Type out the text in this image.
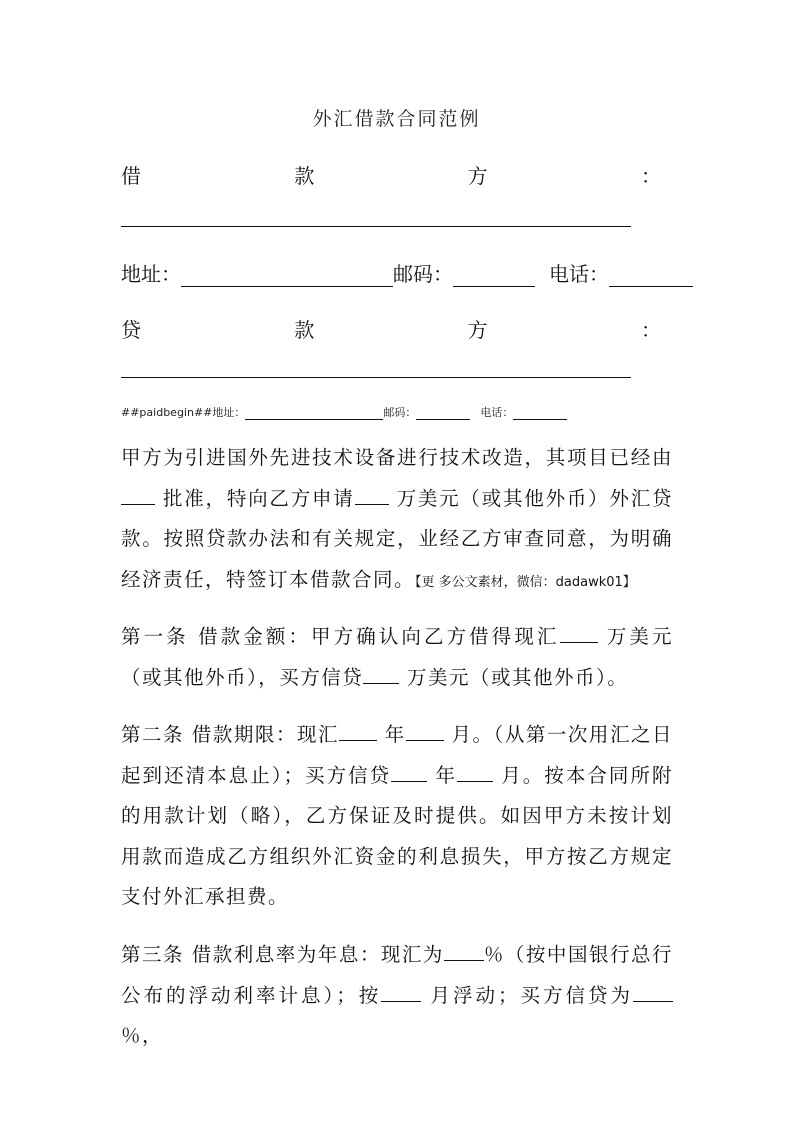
外汇借款合同范例
借	款	方	：
地址：	邮码：	电话：
贷	款	方	：
##paidbegin##地址：	邮码：	电话：
甲方为引进国外先进技术设备进行技术改造，其项目已经由 批准，特向乙方申请 万美元（或其他外币）外汇贷款。按照贷款办法和有关规定，业经乙方审查同意，为明确经济责任，特签订本借款合同。【更 多公文素材，微信：dadawk01】
第一条 借款金额：甲方确认向乙方借得现汇 万美元（或其他外币），买方信贷 万美元（或其他外币）。
第二条 借款期限：现汇 年 月。（从第一次用汇之日起到还清本息止）；买方信贷 年 月。按本合同所附的用款计划（略），乙方保证及时提供。如因甲方未按计划用款而造成乙方组织外汇资金的利息损失，甲方按乙方规定支付外汇承担费。
第三条 借款利息率为年息：现汇为 ％（按中国银行总行公布的浮动利率计息）；按 月浮动；买方信贷为％，
